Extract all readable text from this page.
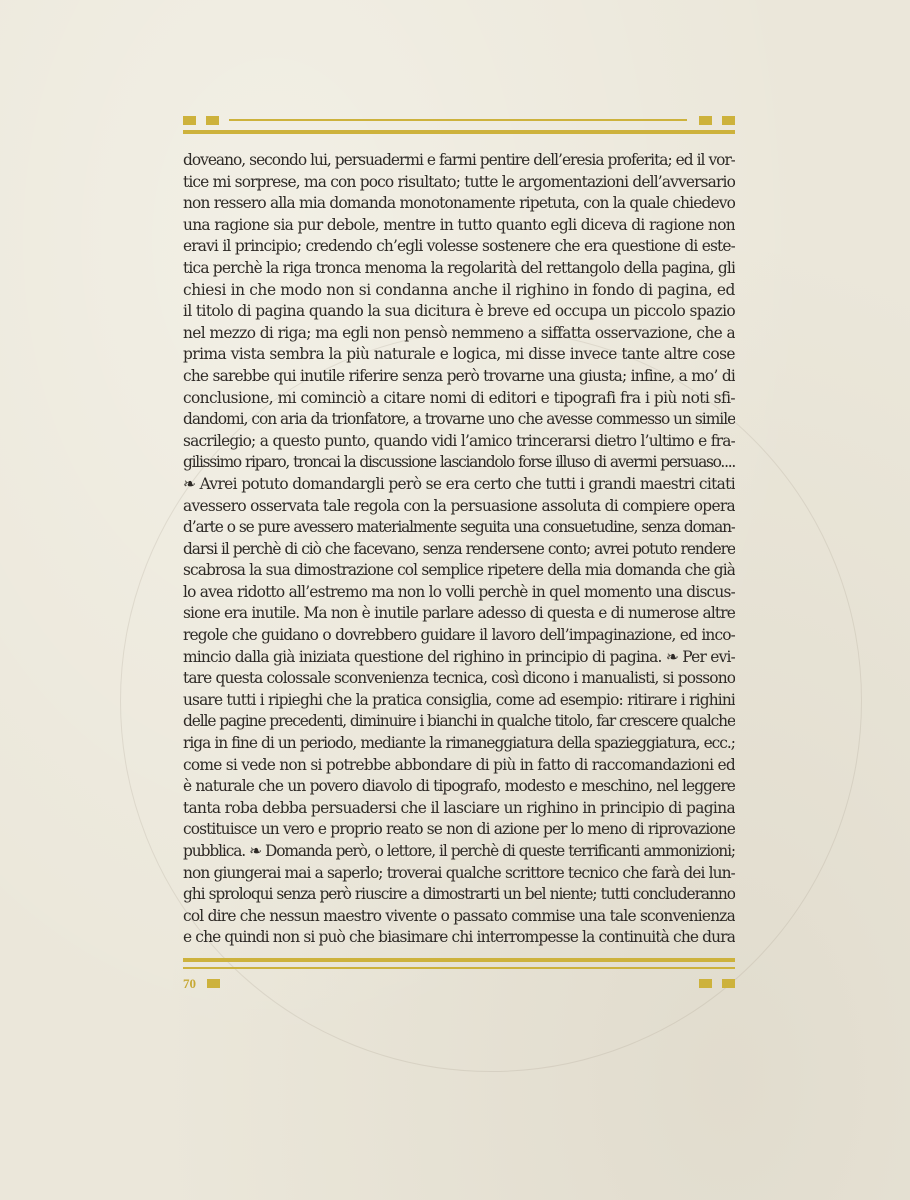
doveano, secondo lui, persuadermi e farmi pentire dell’eresia proferita; ed il vor-
tice mi sorprese, ma con poco risultato; tutte le argomentazioni dell’avversario
non ressero alla mia domanda monotonamente ripetuta, con la quale chiedevo
una ragione sia pur debole, mentre in tutto quanto egli diceva di ragione non
eravi il principio; credendo ch’egli volesse sostenere che era questione di este-
tica perchè la riga tronca menoma la regolarità del rettangolo della pagina, gli
chiesi in che modo non si condanna anche il righino in fondo di pagina, ed
il titolo di pagina quando la sua dicitura è breve ed occupa un piccolo spazio
nel mezzo di riga; ma egli non pensò nemmeno a siffatta osservazione, che a
prima vista sembra la più naturale e logica, mi disse invece tante altre cose
che sarebbe qui inutile riferire senza però trovarne una giusta; infine, a mo’ di
conclusione, mi cominciò a citare nomi di editori e tipografi fra i più noti sfi-
dandomi, con aria da trionfatore, a trovarne uno che avesse commesso un simile
sacrilegio; a questo punto, quando vidi l’amico trincerarsi dietro l’ultimo e fra-
gilissimo riparo, troncai la discussione lasciandolo forse illuso di avermi persuaso....
❧ Avrei potuto domandargli però se era certo che tutti i grandi maestri citati
avessero osservata tale regola con la persuasione assoluta di compiere opera
d’arte o se pure avessero materialmente seguita una consuetudine, senza doman-
darsi il perchè di ciò che facevano, senza rendersene conto; avrei potuto rendere
scabrosa la sua dimostrazione col semplice ripetere della mia domanda che già
lo avea ridotto all’estremo ma non lo volli perchè in quel momento una discus-
sione era inutile. Ma non è inutile parlare adesso di questa e di numerose altre
regole che guidano o dovrebbero guidare il lavoro dell’impaginazione, ed inco-
mincio dalla già iniziata questione del righino in principio di pagina. ❧ Per evi-
tare questa colossale sconvenienza tecnica, così dicono i manualisti, si possono
usare tutti i ripieghi che la pratica consiglia, come ad esempio: ritirare i righini
delle pagine precedenti, diminuire i bianchi in qualche titolo, far crescere qualche
riga in fine di un periodo, mediante la rimaneggiatura della spazieggiatura, ecc.;
come si vede non si potrebbe abbondare di più in fatto di raccomandazioni ed
è naturale che un povero diavolo di tipografo, modesto e meschino, nel leggere
tanta roba debba persuadersi che il lasciare un righino in principio di pagina
costituisce un vero e proprio reato se non di azione per lo meno di riprovazione
pubblica. ❧ Domanda però, o lettore, il perchè di queste terrificanti ammonizioni;
non giungerai mai a saperlo; troverai qualche scrittore tecnico che farà dei lun-
ghi sproloqui senza però riuscire a dimostrarti un bel niente; tutti concluderanno
col dire che nessun maestro vivente o passato commise una tale sconvenienza
e che quindi non si può che biasimare chi interrompesse la continuità che dura
70
